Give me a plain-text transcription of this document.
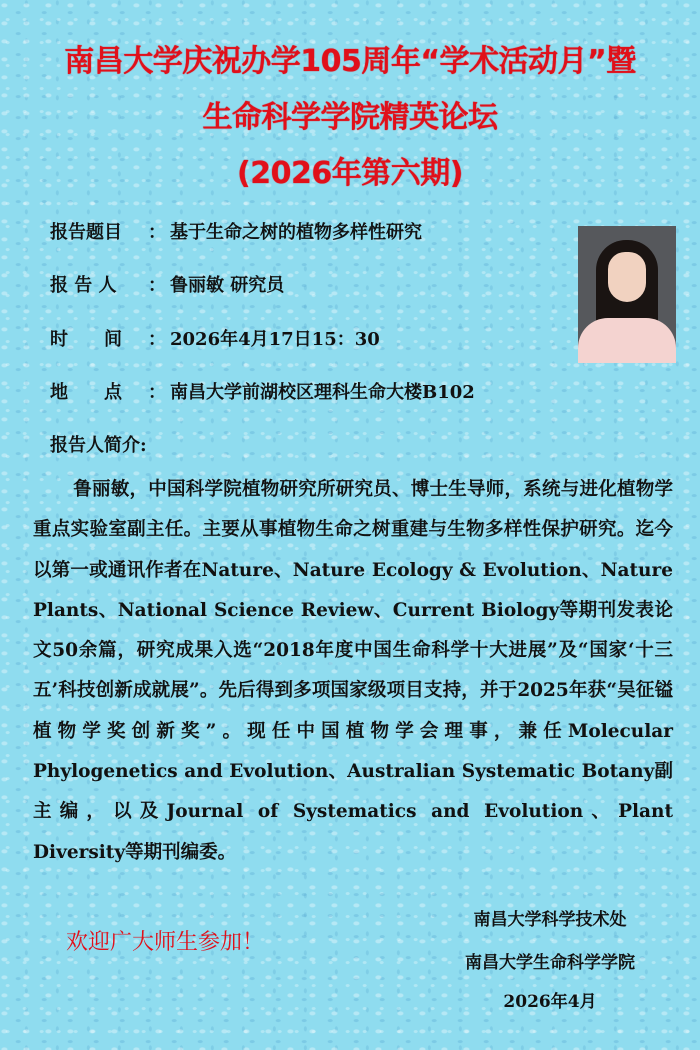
南昌大学庆祝办学105周年“学术活动月”暨
生命科学学院精英论坛
(2026年第六期)
报告题目 ： 基于生命之树的植物多样性研究
报 告 人 ： 鲁丽敏 研究员
时　　间 ： 2026年4月17日15：30
地　　点 ： 南昌大学前湖校区理科生命大楼B102
报告人简介:
鲁丽敏，中国科学院植物研究所研究员、博士生导师，系统与进化植物学重点实验室副主任。主要从事植物生命之树重建与生物多样性保护研究。迄今以第一或通讯作者在Nature、Nature Ecology & Evolution、Nature Plants、National Science Review、Current Biology等期刊发表论文50余篇，研究成果入选“2018年度中国生命科学十大进展”及“国家‘十三五’科技创新成就展”。先后得到多项国家级项目支持，并于2025年获“吴征镒植物学奖创新奖”。现任中国植物学会理事，兼任Molecular Phylogenetics and Evolution、Australian Systematic Botany副主编，以及Journal of Systematics and Evolution、Plant Diversity等期刊编委。
欢迎广大师生参加！
南昌大学科学技术处
南昌大学生命科学学院
2026年4月
